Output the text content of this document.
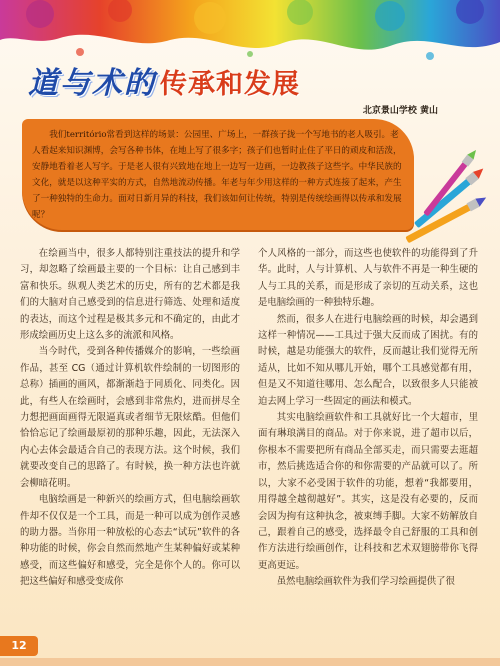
道与术的 传承和发展
北京景山学校 黄山

我们território常看到这样的场景：公园里、广场上，一群孩子拢一个写地书的老人吸引。老人看起来知识渊博，会写各种书体，在地上写了很多字；孩子们也暂时止住了平日的顽皮和活泼，安静地看着老人写字。于是老人很有兴致地在地上一边写一边画，一边教孩子这些字。中华民族的文化，就是以这种平实的方式，自然地流动传播。年老与年少用这样的一种方式连接了起来，产生了一种独特的生命力。面对日新月异的科技，我们该如何让传统，特别是传统绘画得以传承和发展呢？

在绘画当中，很多人都特别注重技法的提升和学习，却忽略了绘画最主要的一个目标：让自己感到丰富和快乐。纵观人类艺术的历史，所有的艺术都是我们的大脑对自己感受到的信息进行筛选、处理和适度的表达，而这个过程是极其多元和不确定的，由此才形成绘画历史上这么多的流派和风格。

当今时代，受到各种传播媒介的影响，一些绘画作品，甚至 CG（通过计算机软件绘制的一切图形的总称）插画的画风，都渐渐趋于同质化、同类化。因此，有些人在绘画时，会感到非常焦灼，进而拼尽全力想把画面画得无限逼真或者细节无限炫酷。但他们恰恰忘记了绘画最原初的那种乐趣，因此，无法深入内心去体会最适合自己的表现方法。这个时候，我们就要改变自己的思路了。有时候，换一种方法也许就会柳暗花明。

电脑绘画是一种新兴的绘画方式，但电脑绘画软件却不仅仅是一个工具，而是一种可以成为创作灵感的助力器。当你用一种放松的心态去“试玩”软件的各种功能的时候，你会自然而然地产生某种偏好或某种感受，而这些偏好和感受，完全是你个人的。你可以把这些偏好和感受变成你

个人风格的一部分，而这些也使软件的功能得到了升华。此时，人与计算机、人与软件不再是一种生硬的人与工具的关系，而是形成了亲切的互动关系，这也是电脑绘画的一种独特乐趣。

然而，很多人在进行电脑绘画的时候，却会遇到这样一种情况——工具过于强大反而成了困扰。有的时候，越是功能强大的软件，反而越让我们觉得无所适从，比如不知从哪儿开始，哪个工具感觉都有用，但是又不知道往哪用、怎么配合，以致很多人只能被迫去网上学习一些固定的画法和模式。

其实电脑绘画软件和工具就好比一个大超市，里面有琳琅满目的商品。对于你来说，进了超市以后，你根本不需要把所有商品全部买走，而只需要去逛超市，然后挑选适合你的和你需要的产品就可以了。所以，大家不必受困于软件的功能，想着“我都要用，用得越全越彻越好”。其实，这是没有必要的，反而会因为拘有这种执念，被束缚手脚。大家不妨解放自己，跟着自己的感受，选择最令自己舒服的工具和创作方法进行绘画创作，让科技和艺术双翅膀带你飞得更高更远。

虽然电脑绘画软件为我们学习绘画提供了很

12
